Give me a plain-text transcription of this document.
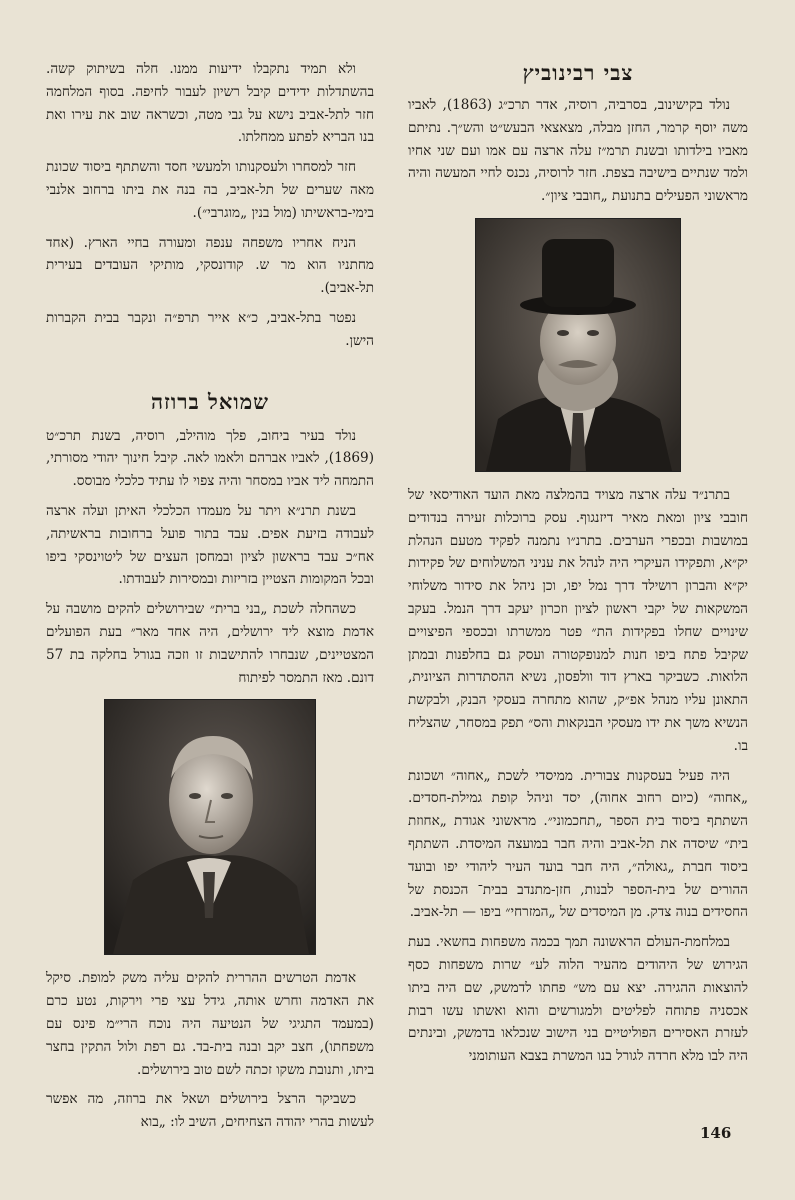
צבי רבינוביץ

נולד בקישינוב, בסרביה, רוסיה, אדר תרכ״ג (1863), לאביו משה יוסף קרמר, החזן מבלה, מצאצאי הבעש״ט והש״ך. נתיתם מאביו בילדותו ובשנת תרמ״ז עלה ארצה עם אמו ועם שני אחיו ולמד שנתיים בישיבה בצפת. חזר לרוסיה, נכנס לחיי המעשה והיה מראשוני הפעילים בתנועת „חובבי ציון״.

בתרנ״ד עלה ארצה מצויד בהמלצה מאת הועד האודיסאי של חובבי ציון ומאת מאיר דיזנגוף. עסק ברוכלות זעירה בנדודים במושבות ובכפרי הערבים. בתרנ״ו נתמנה לפקיד מטעם הנהלת יק״א, ותפקידו העיקרי היה לנהל את עניני המשלוחים של פקידות יק״א והברון רושילד דרך נמל יפו, וכן ניהל את סידור משלוחי המשקאות של יקבי ראשון לציון וזכרון יעקב דרך הנמל. בעקב שינויים שחלו בפקידות הת״ פטר ממשרתו ובכספי הפיצויים שקיבל פתח ביפו חנות למנופקטורה ועסק גם בחלפנות ובמתן הלואות. כשביקר בארץ דוד וולפסון, נשיא ההסתדרות הציונית, התאונן עליו מנהל אפ״ק, שהוא מתחרה בעסקי הבנק, ולבקשת הנשיא משך את ידו מעסקי הבנקאות והס״ תפק במסחר, שהצליח בו.

היה פעיל בעסקנות צבורית. ממיסדי לשכת „אחוה״ ושכונת „אחוה״ (כיום רחוב אחוה), יסד וניהל קופת גמילת-חסדים. השתתף ביסוד בית הספר „תחכמוני״. מראשוני אגודת „אחוזת בית״ שיסדה את תל-אביב והיה חבר במועצה המיסדת. השתתף ביסוד חברת „גאולה״, היה חבר בועד העיר ליהודי יפו ובועד ההורים של בית-הספר לבנות, חזן-מתנדב בבית־ הכנסת של החסידים בנוה צדק. מן המיסדים של „המזרחי״ ביפו — תל-אביב.

במלחמת-העולם הראשונה תמך בכמה משפחות בחשאי. בעת הגירוש של היהודים מהעיר הלוה לע״ שרות משפחות כסף להוצאות ההגירה. יצא עם מש״ פחתו לדמשק, שם היה ביתו אכסניה פתוחה לפליטים ולמגורשים והוא ואשתו עשו רבות לעזרת האסירים הפוליטיים בני הישוב שנכלאו בדמשק, ובינתים היה לבו מלא חרדה לגורל בנו המשרת בצבא העותומני

ולא תמיד נתקבלו ידיעות ממנו. חלה בשיתוק קשה. בהשתדלות ידידים קיבל רשיון לעבור לחיפה. בסוף המלחמה חזר לתל-אביב נישא על גבי מטה, וכשראה שוב את עירו ואת בנו הבריא לפתע ממחלתו.

חזר למסחרו ולעסקנותו ולמעשי חסד והשתתף ביסוד שכונת מאה שערים של תל-אביב, בה בנה את ביתו ברחוב אלנבי בימי-בראשיתו (מול בנין „מוגרבי״).

הניח אחריו משפחה ענפה ומעורה בחיי הארץ. (אחד מחתניו הוא מר ש. קודונסקי, מותיקי העובדים בעירית תל-אביב).

נפטר בתל-אביב, כ״א אייר תרפ״ה ונקבר בבית הקברות הישן.

שמואל ברוזה

נולד בעיר ביחוב, פלך מוהילב, רוסיה, בשנת תרכ״ט (1869), לאביו אברהם ולאמו לאה. קיבל חינוך יהודי מסורתי, התמחה ליד אביו במסחר והיה צפוי לו עתיד כלכלי מבוסס.

בשנת תרנ״א ויתר על מעמדו הכלכלי האיתן ועלה ארצה לעבודה בזיעת אפים. עבד בתור פועל ברחובות בראשיתה, אח״כ עבד בראשון לציון ובמחסן העצים של ליטוינסקי ביפו ובכל המקומות הצטיין בזריזות ובמסירות לעבודתו.

כשהחלה לשכת „בני ברית״ שבירושלים להקים מושבה על אדמת מוצא ליד ירושלים, היה אחד מאר״ בעת הפועלים המצטיינים, שנבחרו להתישבות זו וזכה בגורל בחלקה בת 57 דונם. מאז התמסר לפיתוח

אדמת הטרשים ההררית להקים עליה משק למופת. סיקל את האדמה וחרש אותה, גידל עצי פרי וירקות, נטע כרם (במעמד התגיגי של הנטיעה היה נוכח הרי״מ פינס עם משפחתו), חצב יקב ובנה בית-בד. גם רפת ולול התקין בחצר ביתו, ותנובת משקו זכתה לשם טוב בירושלים.

כשביקר הרצל בירושלים ושאל את ברוזה, מה אפשר לעשות בהרי יהודה הצחיחים, השיב לו: „בוא

146
